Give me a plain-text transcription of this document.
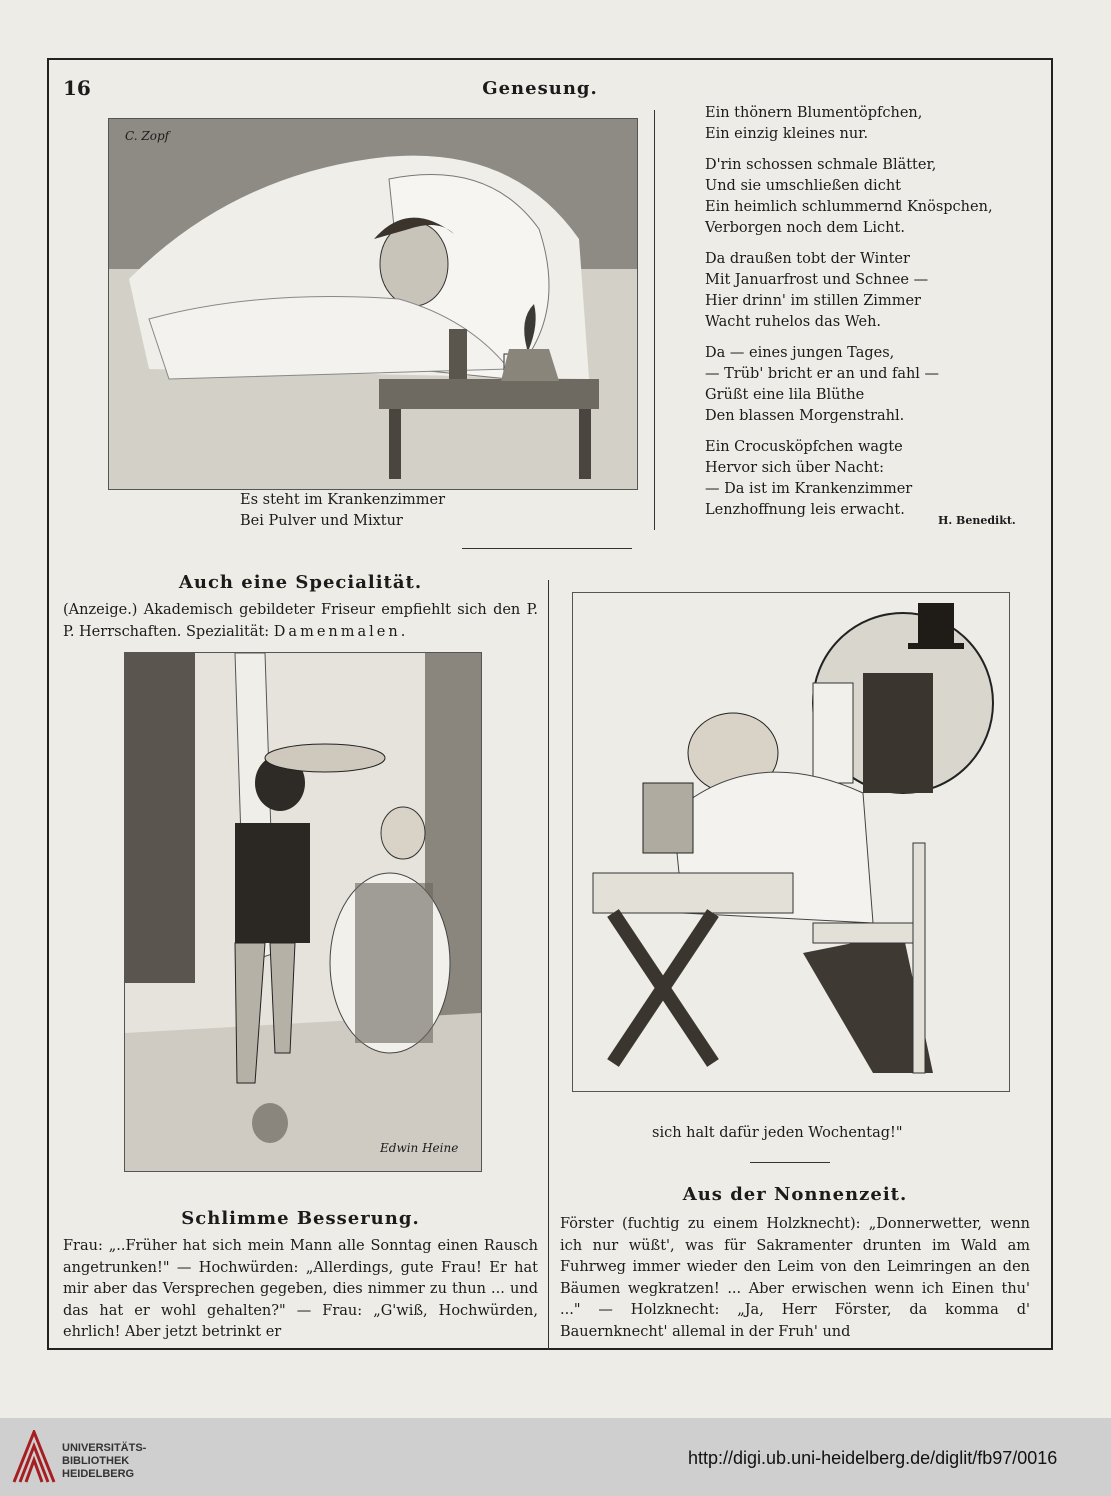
16	Genesung.
C. Zopf

Es steht im Krankenzimmer

Bei Pulver und Mixtur

Ein thönern Blumentöpfchen,

Ein einzig kleines nur.

D'rin schossen schmale Blätter,

Und sie umschließen dicht

Ein heimlich schlummernd Knöspchen,

Verborgen noch dem Licht.

Da draußen tobt der Winter

Mit Januarfrost und Schnee —

Hier drinn' im stillen Zimmer

Wacht ruhelos das Weh.

Da — eines jungen Tages,

— Trüb' bricht er an und fahl —

Grüßt eine lila Blüthe

Den blassen Morgenstrahl.

Ein Crocusköpfchen wagte

Hervor sich über Nacht:

— Da ist im Krankenzimmer

Lenzhoffnung leis erwacht.

H. Benedikt.
Auch eine Specialität.

(Anzeige.) Akademisch gebildeter Friseur empfiehlt sich den P. P. Herrschaften. Spezialität: Damenmalen.

Edwin Heine
sich halt dafür jeden Wochentag!"
Schlimme Besserung.

Frau: „..Früher hat sich mein Mann alle Sonntag einen Rausch angetrunken!" — Hochwürden: „Allerdings, gute Frau! Er hat mir aber das Versprechen gegeben, dies nimmer zu thun ... und das hat er wohl gehalten?" — Frau: „G'wiß, Hochwürden, ehrlich! Aber jetzt betrinkt er

Aus der Nonnenzeit.

Förster (fuchtig zu einem Holzknecht): „Donnerwetter, wenn ich nur wüßt', was für Sakramenter drunten im Wald am Fuhrweg immer wieder den Leim von den Leimringen an den Bäumen wegkratzen! ... Aber erwischen wenn ich Einen thu' ..." — Holzknecht: „Ja, Herr Förster, da komma d' Bauernknecht' allemal in der Fruh' und

UNIVERSITÄTS-
BIBLIOTHEK
HEIDELBERG
http://digi.ub.uni-heidelberg.de/diglit/fb97/0016
